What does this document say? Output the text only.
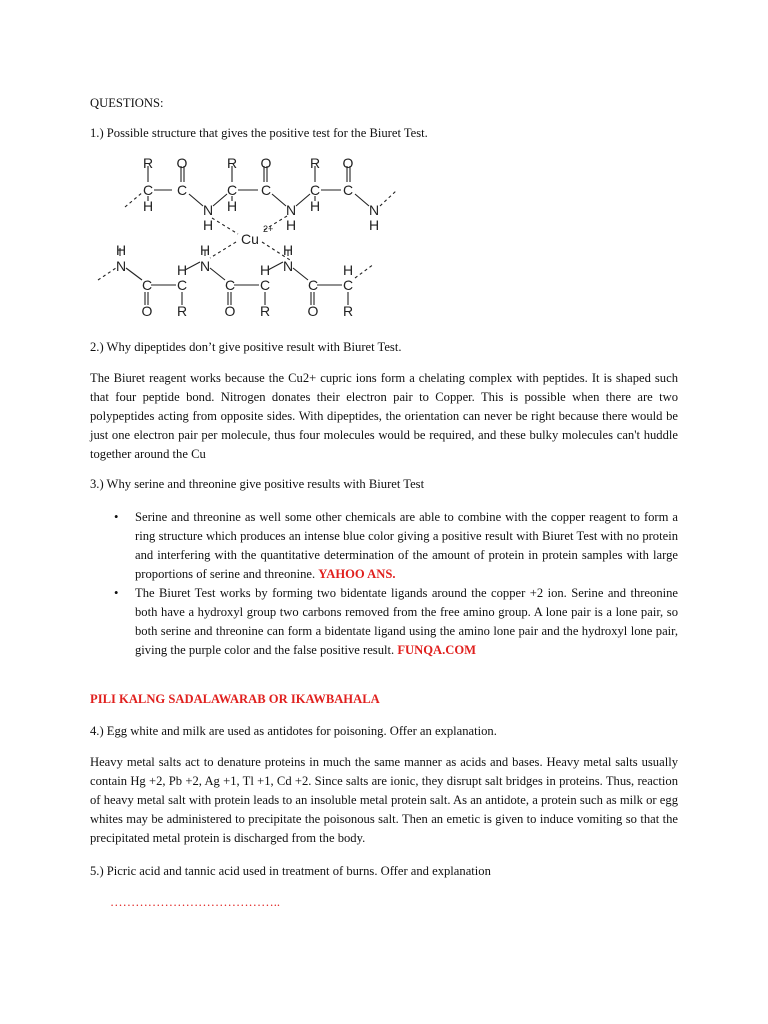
QUESTIONS:

1.) Possible structure that gives the positive test for the Biuret Test.

R O	R O	R O
C C	C C	C C
H	H	H
N	N	N
H	H	H
Cu
2+
H
N
H
N
H
N
H	H	H
C C	C C	C C
O R	O R	O R

2.) Why dipeptides don’t give positive result with Biuret Test.

The Biuret reagent works because the Cu2+ cupric ions form a chelating complex with peptides. It is shaped such that four peptide bond. Nitrogen donates their electron pair to Copper. This is possible when there are two polypeptides acting from opposite sides. With dipeptides, the orientation can never be right because there would be just one electron pair per molecule, thus four molecules would be required, and these bulky molecules can't huddle together around the Cu

3.) Why serine and threonine give positive results with Biuret Test

• Serine and threonine as well some other chemicals are able to combine with the copper reagent to form a ring structure which produces an intense blue color giving a positive result with Biuret Test with no protein and interfering with the quantitative determination of the amount of protein in protein samples with large proportions of serine and threonine. YAHOO ANS.
• The Biuret Test works by forming two bidentate ligands around the copper +2 ion. Serine and threonine both have a hydroxyl group two carbons removed from the free amino group. A lone pair is a lone pair, so both serine and threonine can form a bidentate ligand using the amino lone pair and the hydroxyl lone pair, giving the purple color and the false positive result. FUNQA.COM

PILI KALNG SADALAWARAB OR IKAWBAHALA

4.) Egg white and milk are used as antidotes for poisoning. Offer an explanation.

Heavy metal salts act to denature proteins in much the same manner as acids and bases. Heavy metal salts usually contain Hg +2, Pb +2, Ag +1, Tl +1, Cd +2. Since salts are ionic, they disrupt salt bridges in proteins. Thus, reaction of heavy metal salt with protein leads to an insoluble metal protein salt. As an antidote, a protein such as milk or egg whites may be administered to precipitate the poisonous salt. Then an emetic is given to induce vomiting so that the precipitated metal protein is discharged from the body.

5.) Picric acid and tannic acid used in treatment of burns. Offer and explanation

…………………………………..
